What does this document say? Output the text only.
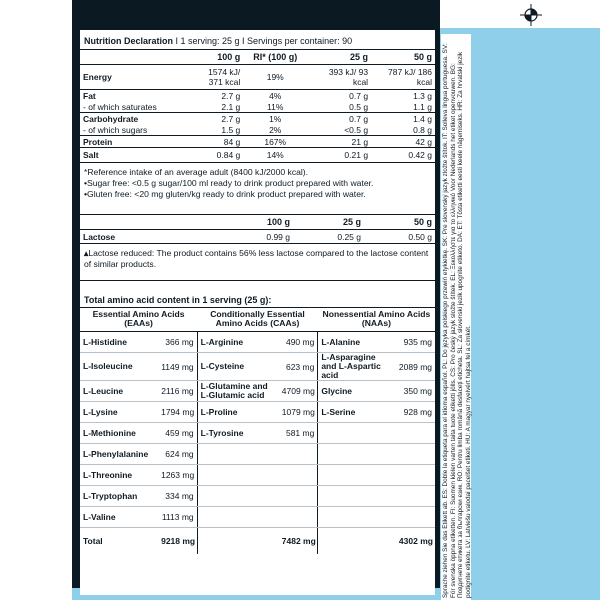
Sprache ziehen Sie das Etikett ab. ES: Doble la etiqueta para el idioma español. PL: Do języka polskiego przewiń etykietkę. SK: Pre slovenský jazyk zložte štítok. IT: Solleva lingua portuguesa. SV: För svenska öppna etiketten. FI: Suomen kielen varten taita tuote etiketti jölls. CS: Pro český jazyk složte štítek. EL: Ξεκολλήστε για το ελληνικό Voor Nederlands het etiket openvouwen. BG: Повдигнете етикета за български език. RO: Pentru limba română desfaceți eticheta. SL: Za slovenski jezik upognite etiketo. DA: ET: Tõsta etiketti eesti keele nägemiseks. HR: Za hrvatski jezik podignite etiketu. LV: Latviešu valodai pacelšet etiketi. HU: A magyar nyelvért hajtsa fel a címkét.
Nutrition Declaration I 1 serving: 25 g I Servings per container: 90
	100 g	RI* (100 g)	25 g	50 g
Energy	1574 kJ/ 371 kcal	19%	393 kJ/ 93 kcal	787 kJ/ 186 kcal

Fat	2.7 g	4%	0.7 g	1.3 g
- of which saturates	2.1 g	11%	0.5 g	1.1 g
Carbohydrate	2.7 g	1%	0.7 g	1.4 g
- of which sugars	1.5 g	2%	<0.5 g	0.8 g
Protein	84 g	167%	21 g	42 g
Salt	0.84 g	14%	0.21 g	0.42 g
*Reference intake of an average adult (8400 kJ/2000 kcal).
•Sugar free: <0.5 g sugar/100 ml ready to drink product prepared with water.
•Gluten free: <20 mg gluten/kg ready to drink product prepared with water.
	100 g	25 g	50 g
Lactose	0.99 g	0.25 g	0.50 g
▴Lactose reduced: The product contains 56% less lactose compared to the lactose content of similar products.
Total amino acid content in 1 serving (25 g):
Essential Amino Acids (EAAs)		Conditionally Essential Amino Acids (CAAs)		Nonessential Amino Acids (NAAs)	
L-Histidine	366 mg	L-Arginine	490 mg	L-Alanine	935 mg
L-Isoleucine	1149 mg	L-Cysteine	623 mg	L-Asparagine and L-Aspartic acid	2089 mg
L-Leucine	2116 mg	L-Glutamine and L-Glutamic acid	4709 mg	Glycine	350 mg
L-Lysine	1794 mg	L-Proline	1079 mg	L-Serine	928 mg
L-Methionine	459 mg	L-Tyrosine	581 mg		
L-Phenylalanine	624 mg				
L-Threonine	1263 mg				
L-Tryptophan	334 mg				
L-Valine	1113 mg				
Total	9218 mg		7482 mg		4302 mg
